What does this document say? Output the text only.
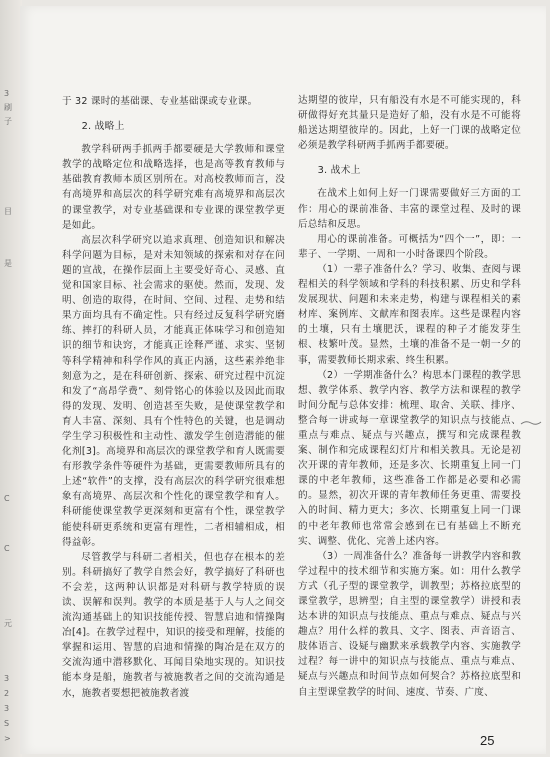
3
刷
子
目
是
C
C
元
3
2
3
S
>

于 32 课时的基础课、专业基础课或专业课。

2. 战略上

教学科研两手抓两手都要硬是大学教师和课堂教学的战略定位和战略选择，也是高等教育教师与基础教育教师本质区别所在。对高校教师而言，没有高境界和高层次的科学研究难有高境界和高层次的课堂教学，对专业基础课和专业课的课堂教学更是如此。

高层次科学研究以追求真理、创造知识和解决科学问题为目标，是对未知领域的探索和对存在问题的宣战，在操作层面上主要受好奇心、灵感、直觉和国家目标、社会需求的驱使。然而，发现、发明、创造的取得，在时间、空间、过程、走势和结果方面均具有不确定性。只有经过反复科学研究磨练、摔打的科研人员，才能真正体味学习和创造知识的细节和诀窍，才能真正诠释严谨、求实、坚韧等科学精神和科学作风的真正内涵，这些素养绝非刻意为之，是在科研创新、探索、研究过程中沉淀和发了“高昂学费”、刻骨铭心的体验以及因此而取得的发现、发明、创造甚至失败，是使课堂教学和育人丰富、深刻、具有个性特色的关键，也是调动学生学习积极性和主动性、激发学生创造潜能的催化剂[3]。高境界和高层次的课堂教学和育人既需要有形教学条件等硬件为基础，更需要教师所具有的上述“软件”的支撑，没有高层次的科学研究很难想象有高境界、高层次和个性化的课堂教学和育人。科研能使课堂教学更深刻和更富有个性，课堂教学能使科研更系统和更富有理性，二者相辅相成，相得益彰。

尽管教学与科研二者相关，但也存在根本的差别。科研搞好了教学自然会好，教学搞好了科研也不会差，这两种认识都是对科研与教学特质的误读、误解和误判。教学的本质是基于人与人之间交流沟通基础上的知识技能传授、智慧启迪和情操陶冶[4]。在教学过程中，知识的接受和理解，技能的掌握和运用、智慧的启迪和情操的陶冶是在双方的交流沟通中潜移默化、耳闻目染地实现的。知识技能本身是船，施教者与被施教者之间的交流沟通是水，施教者要想把被施教者渡

达期望的彼岸，只有船没有水是不可能实现的，科研做得好充其量只是造好了船，没有水是不可能将船送达期望彼岸的。因此，上好一门课的战略定位必须是教学科研两手抓两手都要硬。

3. 战术上

在战术上如何上好一门课需要做好三方面的工作：用心的课前准备、丰富的课堂过程、及时的课后总结和反思。

用心的课前准备。可概括为“四个一”，即：一辈子、一学期、一周和一小时备课四个阶段。

（1）一辈子准备什么？学习、收集、查阅与课程相关的科学领域和学科的科技积累、历史和学科发展现状、问题和未来走势，构建与课程相关的素材库、案例库、文献库和图表库。这些是课程内容的土壤，只有土壤肥沃，课程的种子才能发芽生根、枝繁叶茂。显然，土壤的准备不是一朝一夕的事，需要教师长期求索、终生积累。

（2）一学期准备什么？构思本门课程的教学思想、教学体系、教学内容、教学方法和课程的教学时间分配与总体安排：梳理、取舍、关联、排序、整合每一讲或每一章课堂教学的知识点与技能点、重点与难点、疑点与兴趣点，撰写和完成课程教案、制作和完成课程幻灯片和相关教具。无论是初次开课的青年教师，还是多次、长期重复上同一门课的中老年教师，这些准备工作都是必要和必需的。显然，初次开课的青年教师任务更重、需要投入的时间、精力更大；多次、长期重复上同一门课的中老年教师也常常会感到在已有基础上不断充实、调整、优化、完善上述内容。

（3）一周准备什么？准备每一讲教学内容和教学过程中的技术细节和实施方案。如：用什么教学方式（孔子型的课堂教学，训教型；苏格拉底型的课堂教学，思辨型；自主型的课堂教学）讲授和表达本讲的知识点与技能点、重点与难点、疑点与兴趣点？用什么样的教具、文字、图表、声音语言、肢体语言、设疑与幽默来承载教学内容、实施教学过程？每一讲中的知识点与技能点、重点与难点、疑点与兴趣点和时间节点如何契合？苏格拉底型和自主型课堂教学的时间、速度、节奏、广度、

25
